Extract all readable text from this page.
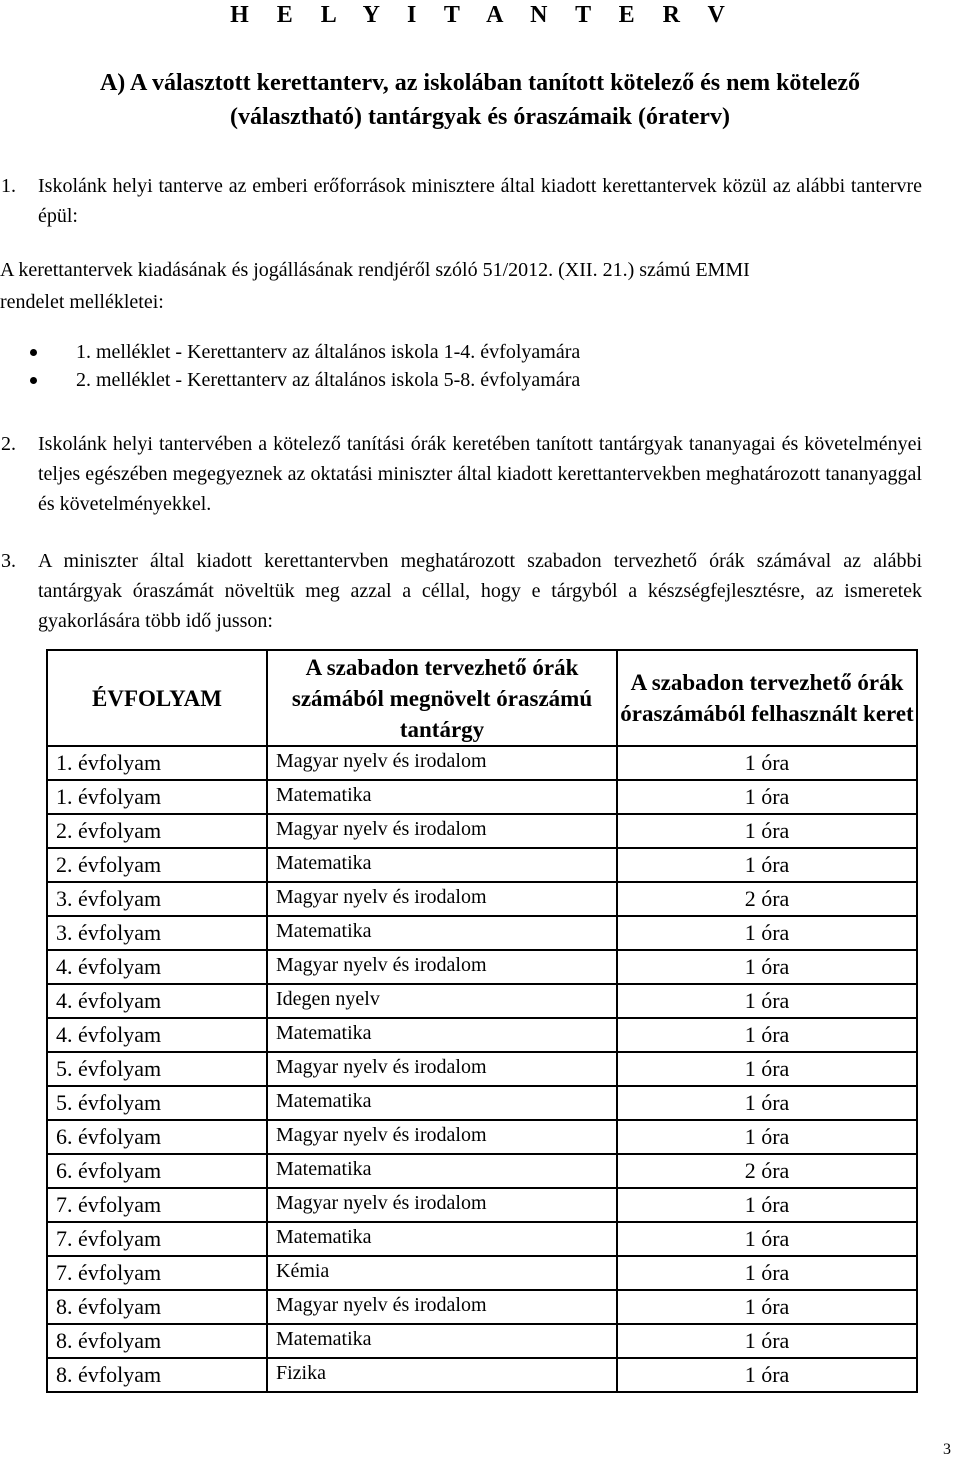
H E L Y I T A N T E R V
A) A választott kerettanterv, az iskolában tanított kötelező és nem kötelező
(választható) tantárgyak és óraszámaik (óraterv)
1. Iskolánk helyi tanterve az emberi erőforrások minisztere által kiadott kerettantervek közül az alábbi tantervre épül:
A kerettantervek kiadásának és jogállásának rendjéről szóló 51/2012. (XII. 21.) számú EMMI
rendelet mellékletei:
1. melléklet - Kerettanterv az általános iskola 1-4. évfolyamára
2. melléklet - Kerettanterv az általános iskola 5-8. évfolyamára
2. Iskolánk helyi tantervében a kötelező tanítási órák keretében tanított tantárgyak tananyagai és követelményei teljes egészében megegyeznek az oktatási miniszter által kiadott kerettantervekben meghatározott tananyaggal és követelményekkel.
3. A miniszter által kiadott kerettantervben meghatározott szabadon tervezhető órák számával az alábbi tantárgyak óraszámát növeltük meg azzal a céllal, hogy e tárgyból a készségfejlesztésre, az ismeretek gyakorlására több idő jusson:
ÉVFOLYAM	A szabadon tervezhető órák számából megnövelt óraszámú tantárgy	A szabadon tervezhető órák óraszámából felhasznált keret
1. évfolyam	Magyar nyelv és irodalom	1 óra
1. évfolyam	Matematika	1 óra
2. évfolyam	Magyar nyelv és irodalom	1 óra
2. évfolyam	Matematika	1 óra
3. évfolyam	Magyar nyelv és irodalom	2 óra
3. évfolyam	Matematika	1 óra
4. évfolyam	Magyar nyelv és irodalom	1 óra
4. évfolyam	Idegen nyelv	1 óra
4. évfolyam	Matematika	1 óra
5. évfolyam	Magyar nyelv és irodalom	1 óra
5. évfolyam	Matematika	1 óra
6. évfolyam	Magyar nyelv és irodalom	1 óra
6. évfolyam	Matematika	2 óra
7. évfolyam	Magyar nyelv és irodalom	1 óra
7. évfolyam	Matematika	1 óra
7. évfolyam	Kémia	1 óra
8. évfolyam	Magyar nyelv és irodalom	1 óra
8. évfolyam	Matematika	1 óra
8. évfolyam	Fizika	1 óra
3
